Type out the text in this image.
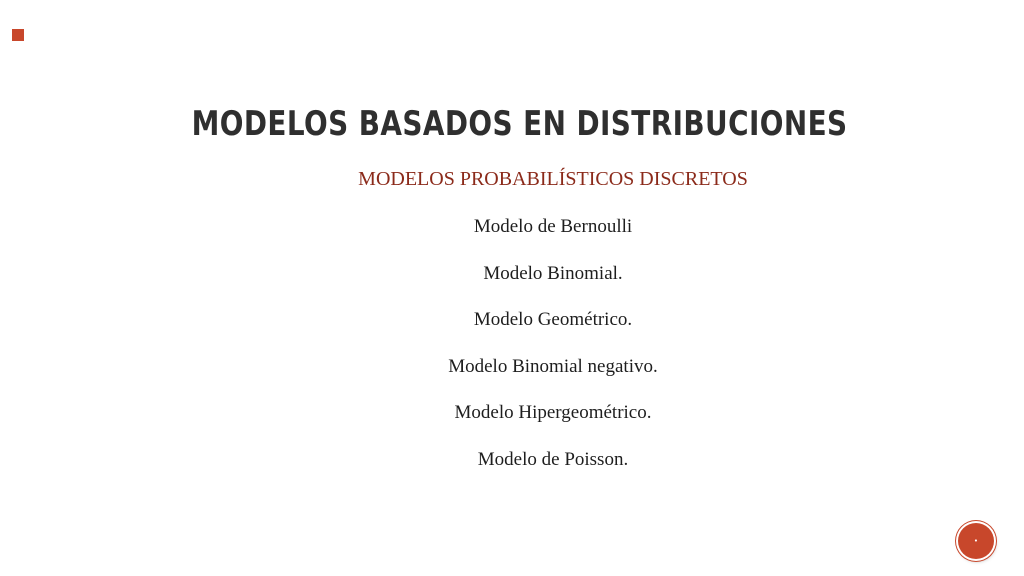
MODELOS BASADOS EN DISTRIBUCIONES
MODELOS PROBABILÍSTICOS DISCRETOS
Modelo de Bernoulli
Modelo Binomial.
Modelo Geométrico.
Modelo Binomial negativo.
Modelo Hipergeométrico.
Modelo de Poisson.
•
